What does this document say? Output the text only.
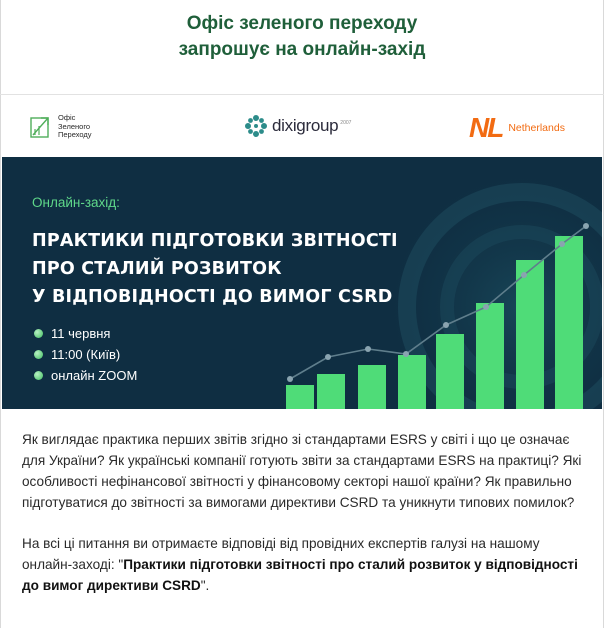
Офіс зеленого переходу
запрошує на онлайн-захід
Офіс
Зеленого
Переходу	dixigroup 2007	NL Netherlands
Онлайн-захід:
ПРАКТИКИ ПІДГОТОВКИ ЗВІТНОСТІ
ПРО СТАЛИЙ РОЗВИТОК
У ВІДПОВІДНОСТІ ДО ВИМОГ CSRD
11 червня
11:00 (Київ)
онлайн ZOOM

Як виглядає практика перших звітів згідно зі стандартами ESRS у світі і що це означає для України? Як українські компанії готують звіти за стандартами ESRS на практиці? Які особливості нефінансової звітності у фінансовому секторі нашої країни? Як правильно підготуватися до звітності за вимогами директиви CSRD та уникнути типових помилок?

На всі ці питання ви отримаєте відповіді від провідних експертів галузі на нашому онлайн-заході: "Практики підготовки звітності про сталий розвиток у відповідності до вимог директиви CSRD".
